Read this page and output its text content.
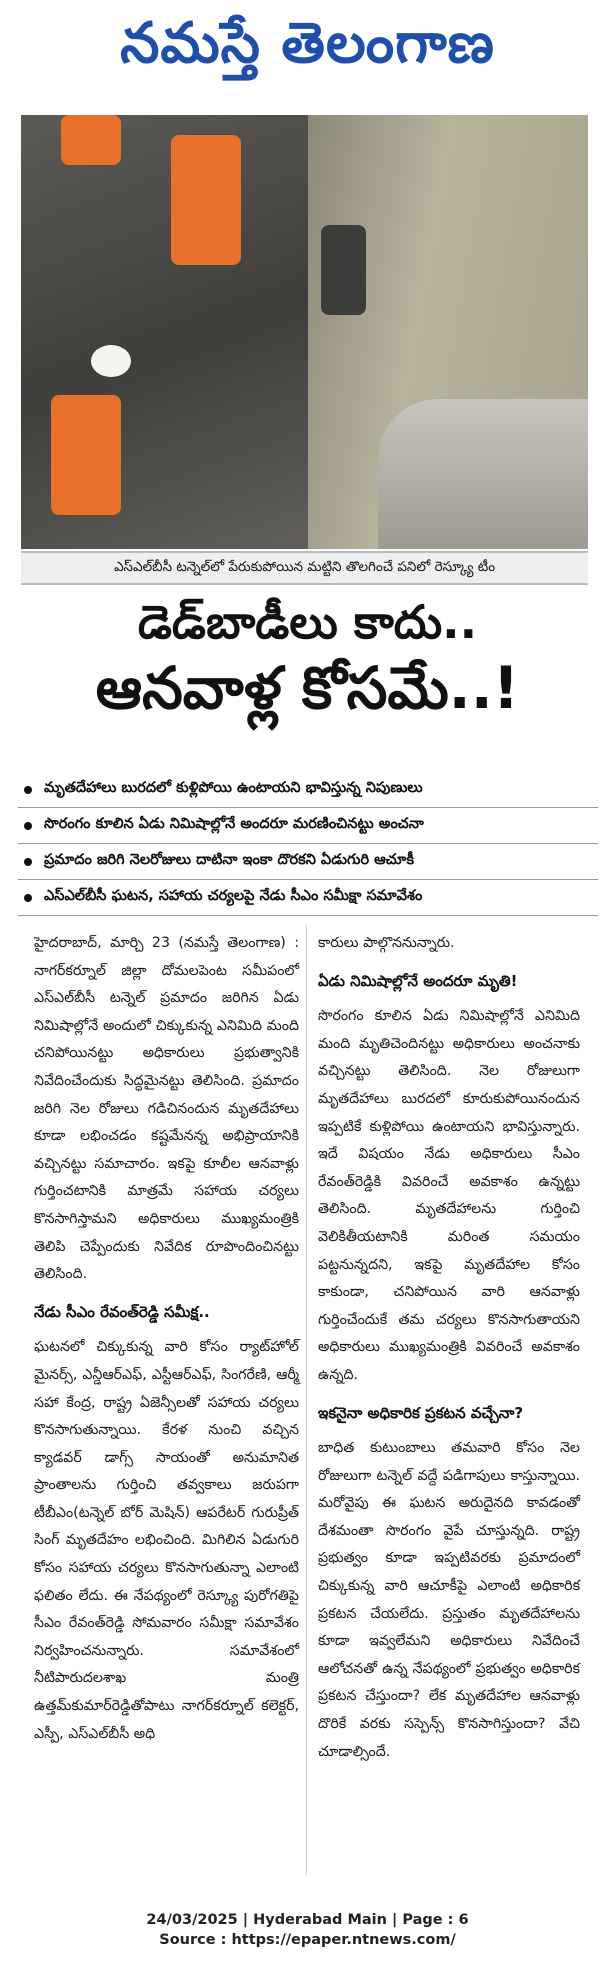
నమస్తే తెలంగాణ
ఎస్ఎల్‌బీసీ టన్నెల్‌లో పేరుకుపోయిన మట్టిని తొలగించే పనిలో రెస్క్యూ టీం
డెడ్‌బాడీలు కాదు..
ఆనవాళ్ల కోసమే..!
మృతదేహాలు బురదలో కుళ్లిపోయి ఉంటాయని భావిస్తున్న నిపుణులు
సొరంగం కూలిన ఏడు నిమిషాల్లోనే అందరూ మరణించినట్టు అంచనా
ప్రమాదం జరిగి నెలరోజులు దాటినా ఇంకా దొరకని ఏడుగురి ఆచూకీ
ఎస్ఎల్‌బీసీ ఘటన, సహాయ చర్యలపై నేడు సీఎం సమీక్షా సమావేశం

హైదరాబాద్, మార్చి 23 (నమస్తే తెలంగాణ) : నాగర్‌కర్నూల్ జిల్లా దోమలపెంట సమీపంలో ఎస్ఎల్‌బీసీ టన్నెల్ ప్రమాదం జరిగిన ఏడు నిమిషాల్లోనే అందులో చిక్కుకున్న ఎనిమిది మంది చనిపోయినట్టు అధికారులు ప్రభుత్వానికి నివేదించేందుకు సిద్ధమైనట్టు తెలిసింది. ప్రమాదం జరిగి నెల రోజులు గడిచినందున మృతదేహాలు కూడా లభించడం కష్టమేనన్న అభిప్రాయానికి వచ్చినట్టు సమాచారం. ఇకపై కూలీల ఆనవాళ్లు గుర్తించటానికి మాత్రమే సహాయ చర్యలు కొనసాగిస్తామని అధికారులు ముఖ్యమంత్రికి తెలిపి చెప్పేందుకు నివేదిక రూపొందించినట్టు తెలిసింది.

నేడు సీఎం రేవంత్‌రెడ్డి సమీక్ష..

ఘటనలో చిక్కుకున్న వారి కోసం ర్యాట్‌హోల్ మైనర్స్, ఎన్డీఆర్‌ఎఫ్, ఎస్టీఆర్ఎఫ్, సింగరేణి, ఆర్మీ సహా కేంద్ర, రాష్ట్ర ఏజెన్సీలతో సహాయ చర్యలు కొనసాగుతున్నాయి. కేరళ నుంచి వచ్చిన క్యాడవర్ డాగ్స్ సాయంతో అనుమానిత ప్రాంతాలను గుర్తించి తవ్వకాలు జరుపగా టీబీఎం(టన్నెల్ బోర్ మెషిన్) ఆపరేటర్ గురుప్రీత్ సింగ్ మృతదేహం లభించింది. మిగిలిన ఏడుగురి కోసం సహాయ చర్యలు కొనసాగుతున్నా ఎలాంటి ఫలితం లేదు. ఈ నేపథ్యంలో రెస్క్యూ పురోగతిపై సీఎం రేవంత్‌రెడ్డి సోమవారం సమీక్షా సమావేశం నిర్వహించనున్నారు. సమావేశంలో నీటిపారుదలశాఖ మంత్రి ఉత్తమ్‌కుమార్‌రెడ్డితోపాటు నాగర్‌కర్నూల్ కలెక్టర్, ఎస్పీ, ఎస్ఎల్‌బీసీ అధి

కారులు పాల్గొననున్నారు.

ఏడు నిమిషాల్లోనే అందరూ మృతి!

సొరంగం కూలిన ఏడు నిమిషాల్లోనే ఎనిమిది మంది మృతిచెందినట్టు అధికారులు అంచనాకు వచ్చినట్టు తెలిసింది. నెల రోజులుగా మృతదేహాలు బురదలో కూరుకుపోయినందున ఇప్పటికే కుళ్లిపోయి ఉంటాయని భావిస్తున్నారు. ఇదే విషయం నేడు అధికారులు సీఎం రేవంత్‌రెడ్డికి వివరించే అవకాశం ఉన్నట్టు తెలిసింది. మృతదేహాలను గుర్తించి వెలికితీయటానికి మరింత సమయం పట్టనున్నదని, ఇకపై మృతదేహాల కోసం కాకుండా, చనిపోయిన వారి ఆనవాళ్లు గుర్తించేందుకే తమ చర్యలు కొనసాగుతాయని అధికారులు ముఖ్యమంత్రికి వివరించే అవకాశం ఉన్నది.

ఇకనైనా అధికారిక ప్రకటన వచ్చేనా?

బాధిత కుటుంబాలు తమవారి కోసం నెల రోజులుగా టన్నెల్ వద్దే పడిగాపులు కాస్తున్నాయి. మరోవైపు ఈ ఘటన అరుదైనది కావడంతో దేశమంతా సొరంగం వైపే చూస్తున్నది. రాష్ట్ర ప్రభుత్వం కూడా ఇప్పటివరకు ప్రమాదంలో చిక్కుకున్న వారి ఆచూకీపై ఎలాంటి అధికారిక ప్రకటన చేయలేదు. ప్రస్తుతం మృతదేహాలను కూడా ఇవ్వలేమని అధికారులు నివేదించే ఆలోచనతో ఉన్న నేపథ్యంలో ప్రభుత్వం అధికారిక ప్రకటన చేస్తుందా? లేక మృతదేహాల ఆనవాళ్లు దొరికే వరకు సస్పెన్స్ కొనసాగిస్తుందా? వేచి చూడాల్సిందే.

24/03/2025 | Hyderabad Main | Page : 6
Source : https://epaper.ntnews.com/
